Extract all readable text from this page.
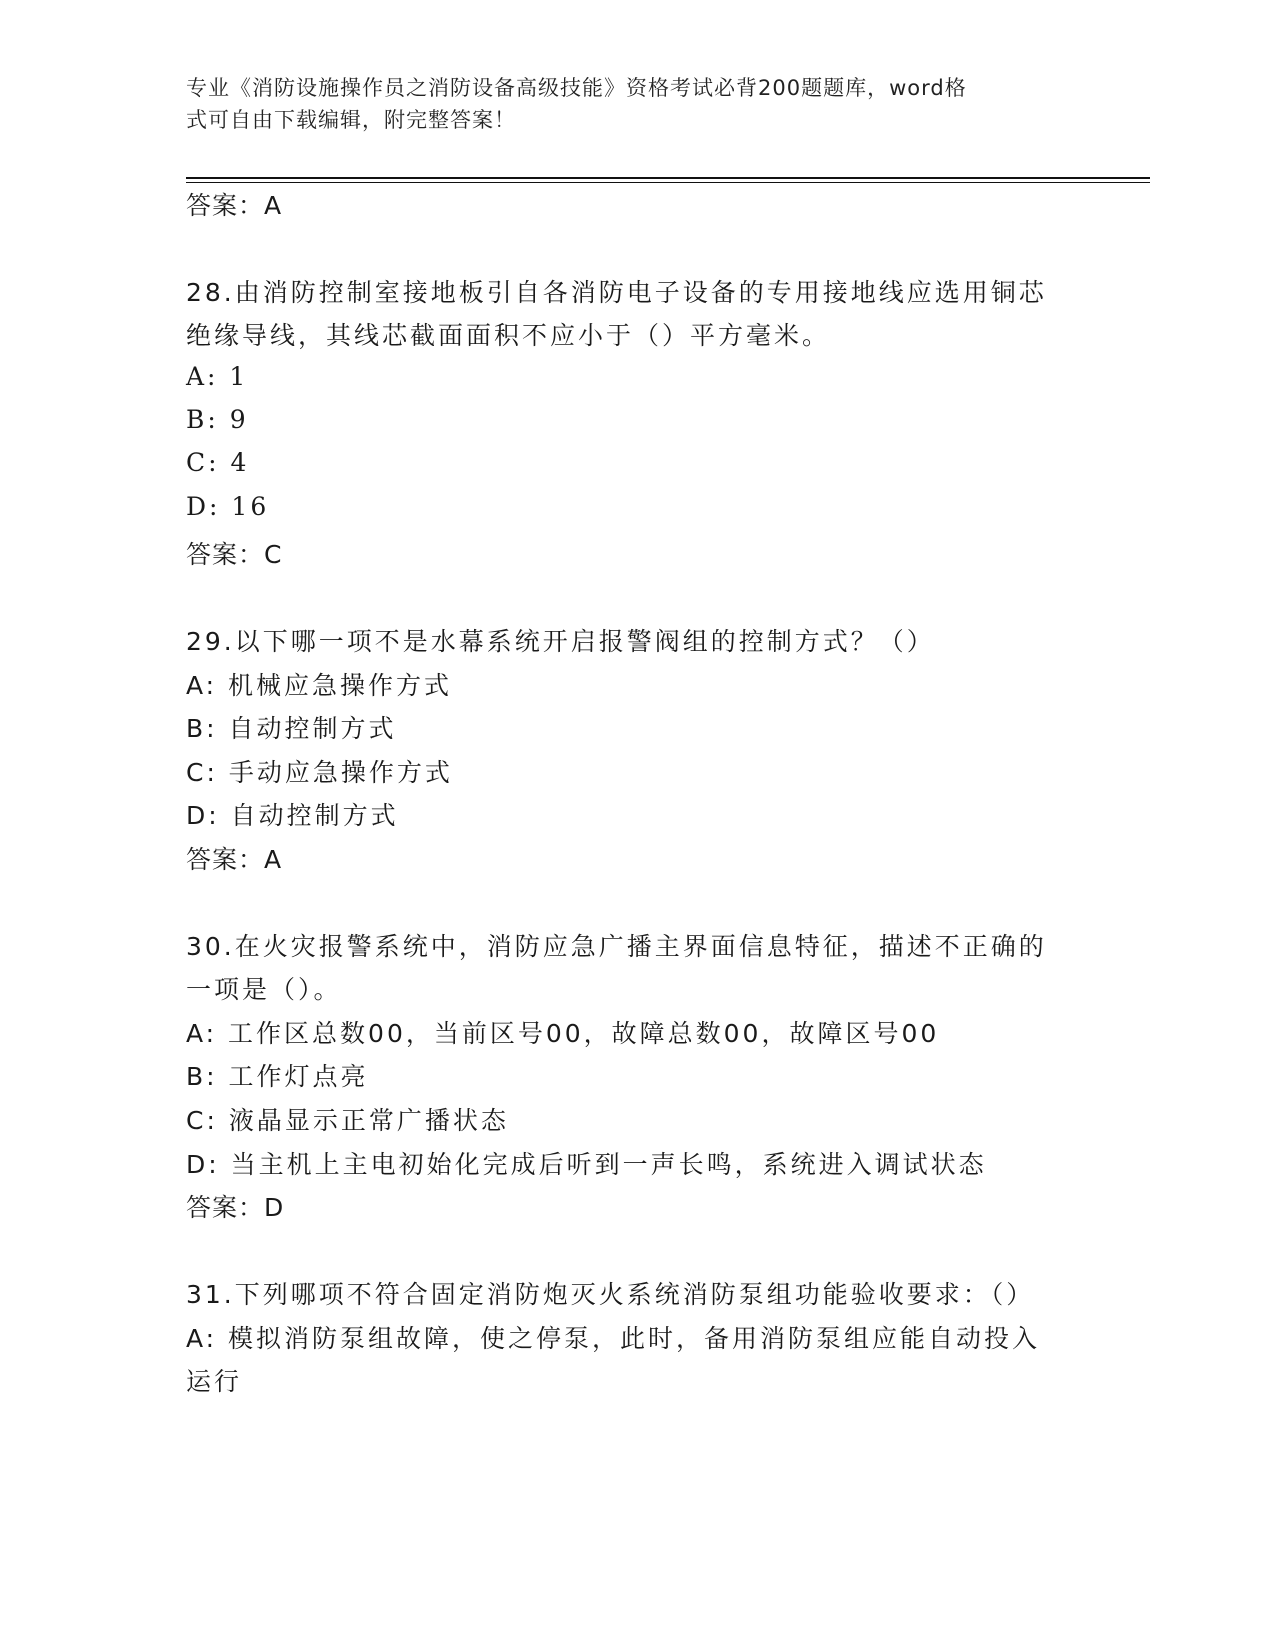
专业《消防设施操作员之消防设备高级技能》资格考试必背200题题库，word格
式可自由下载编辑，附完整答案！
答案：A
28.由消防控制室接地板引自各消防电子设备的专用接地线应选用铜芯
绝缘导线，其线芯截面面积不应小于（）平方毫米。
A: 1
B: 9
C: 4
D: 16
答案：C
29.以下哪一项不是水幕系统开启报警阀组的控制方式？（）
A: 机械应急操作方式
B: 自动控制方式
C: 手动应急操作方式
D: 自动控制方式
答案：A
30.在火灾报警系统中，消防应急广播主界面信息特征，描述不正确的
一项是（）。
A: 工作区总数00，当前区号00，故障总数00，故障区号00
B: 工作灯点亮
C: 液晶显示正常广播状态
D: 当主机上主电初始化完成后听到一声长鸣，系统进入调试状态
答案：D
31.下列哪项不符合固定消防炮灭火系统消防泵组功能验收要求：（）
A: 模拟消防泵组故障，使之停泵，此时，备用消防泵组应能自动投入
运行
